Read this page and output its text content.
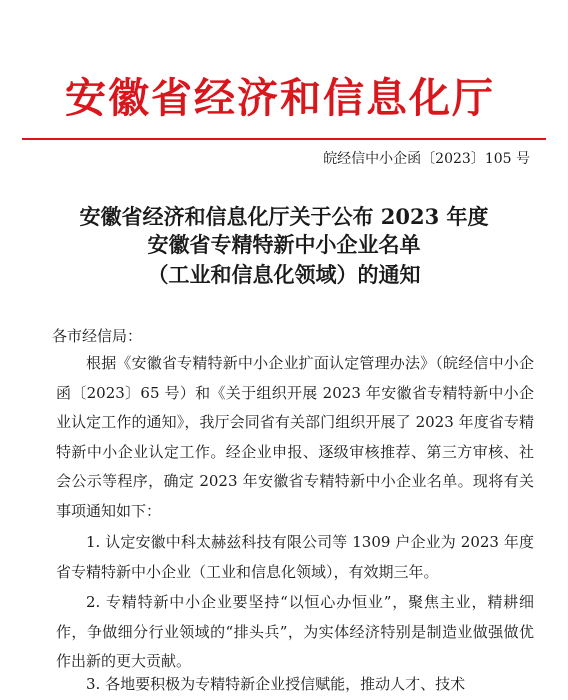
安徽省经济和信息化厅
皖经信中小企函〔2023〕105 号
安徽省经济和信息化厅关于公布 2023 年度
安徽省专精特新中小企业名单
（工业和信息化领域）的通知
各市经信局：

根据《安徽省专精特新中小企业扩面认定管理办法》（皖经信中小企函〔2023〕65 号）和《关于组织开展 2023 年安徽省专精特新中小企业认定工作的通知》，我厅会同省有关部门组织开展了 2023 年度省专精特新中小企业认定工作。经企业申报、逐级审核推荐、第三方审核、社会公示等程序，确定 2023 年安徽省专精特新中小企业名单。现将有关事项通知如下：

1. 认定安徽中科太赫兹科技有限公司等 1309 户企业为 2023 年度省专精特新中小企业（工业和信息化领域），有效期三年。

2. 专精特新中小企业要坚持“以恒心办恒业”，聚焦主业，精耕细作，争做细分行业领域的“排头兵”，为实体经济特别是制造业做强做优作出新的更大贡献。

3. 各地要积极为专精特新企业授信赋能，推动人才、技术
